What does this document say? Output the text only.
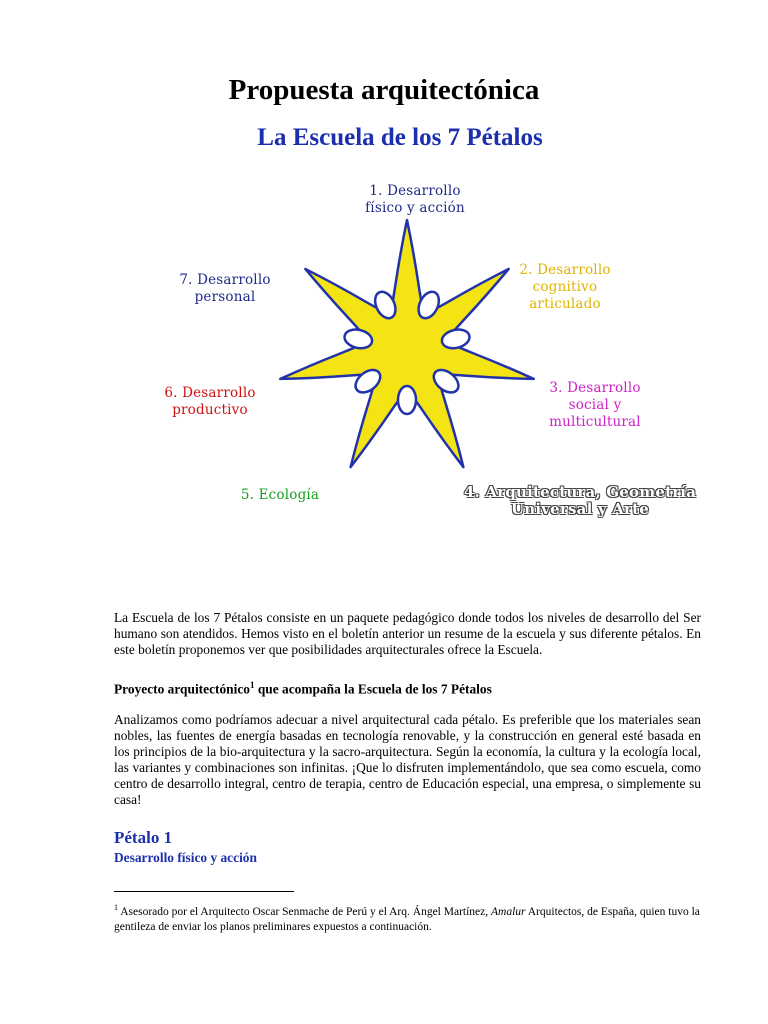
Propuesta arquitectónica
La Escuela de los 7 Pétalos
1. Desarrollo
físico y acción
2. Desarrollo
cognitivo
articulado
3. Desarrollo
social y
multicultural
4. Arquitectura, Geometría
Universal y Arte
5. Ecología
6. Desarrollo
productivo
7. Desarrollo
personal

La Escuela de los 7 Pétalos consiste en un paquete pedagógico donde todos los niveles de desarrollo del Ser humano son atendidos. Hemos visto en el boletín anterior un resume de la escuela y sus diferente pétalos. En este boletín proponemos ver que posibilidades arquitecturales ofrece la Escuela.

Proyecto arquitectónico$^1$ que acompaña la Escuela de los 7 Pétalos

Analizamos como podríamos adecuar a nivel arquitectural cada pétalo. Es preferible que los materiales sean nobles, las fuentes de energía basadas en tecnología renovable, y la construcción en general esté basada en los principios de la bio-arquitectura y la sacro-arquitectura. Según la economía, la cultura y la ecología local, las variantes y combinaciones son infinitas. ¡Que lo disfruten implementándolo, que sea como escuela, como centro de desarrollo integral, centro de terapia, centro de Educación especial, una empresa, o simplemente su casa!

Pétalo 1

Desarrollo físico y acción

$^1$ Asesorado por el Arquitecto Oscar Senmache de Perú y el Arq. Ángel Martínez, Amalur Arquitectos, de España, quien tuvo la gentileza de enviar los planos preliminares expuestos a continuación.
